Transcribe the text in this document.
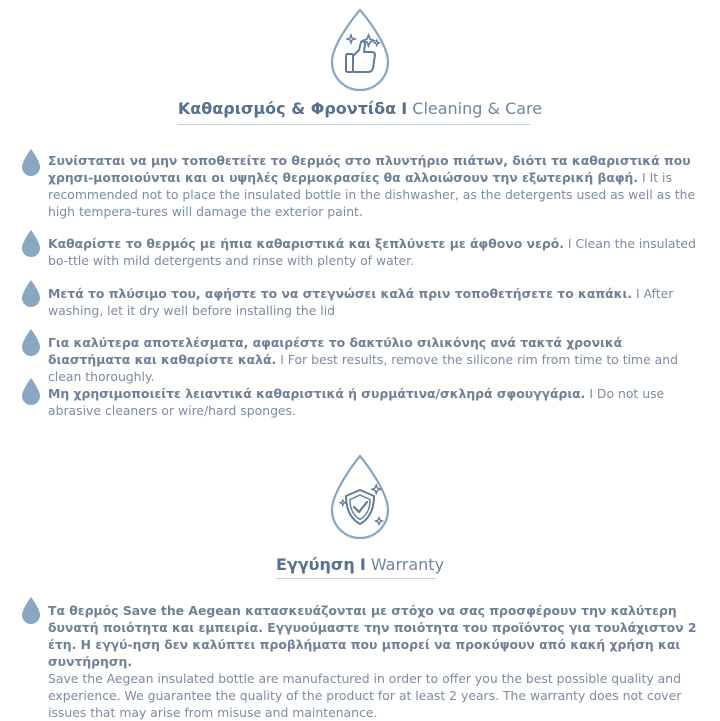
Καθαρισμός & Φροντίδα I Cleaning & Care
Συνίσταται να μην τοποθετείτε το θερμός στο πλυντήριο πιάτων, διότι τα καθαριστικά που χρησι-μοποιούνται και οι υψηλές θερμοκρασίες θα αλλοιώσουν την εξωτερική βαφή. I It is recommended not to place the insulated bottle in the dishwasher, as the detergents used as well as the high tempera-tures will damage the exterior paint.
Καθαρίστε το θερμός με ήπια καθαριστικά και ξεπλύνετε με άφθονο νερό. I Clean the insulated bo-ttle with mild detergents and rinse with plenty of water.
Μετά το πλύσιμο του, αφήστε το να στεγνώσει καλά πριν τοποθετήσετε το καπάκι. I After washing, let it dry well before installing the lid
Για καλύτερα αποτελέσματα, αφαιρέστε το δακτύλιο σιλικόνης ανά τακτά χρονικά διαστήματα και καθαρίστε καλά. I For best results, remove the silicone rim from time to time and clean thoroughly.
Μη χρησιμοποιείτε λειαντικά καθαριστικά ή συρμάτινα/σκληρά σφουγγάρια. I Do not use abrasive cleaners or wire/hard sponges.
Εγγύηση I Warranty
Τα θερμός Save the Aegean κατασκευάζονται με στόχο να σας προσφέρουν την καλύτερη δυνατή ποιότητα και εμπειρία. Εγγυούμαστε την ποιότητα του προϊόντος για τουλάχιστον 2 έτη. Η εγγύ-ηση δεν καλύπτει προβλήματα που μπορεί να προκύψουν από κακή χρήση και συντήρηση.
Save the Aegean insulated bottle are manufactured in order to offer you the best possible quality and experience. We guarantee the quality of the product for at least 2 years. The warranty does not cover issues that may arise from misuse and maintenance.
